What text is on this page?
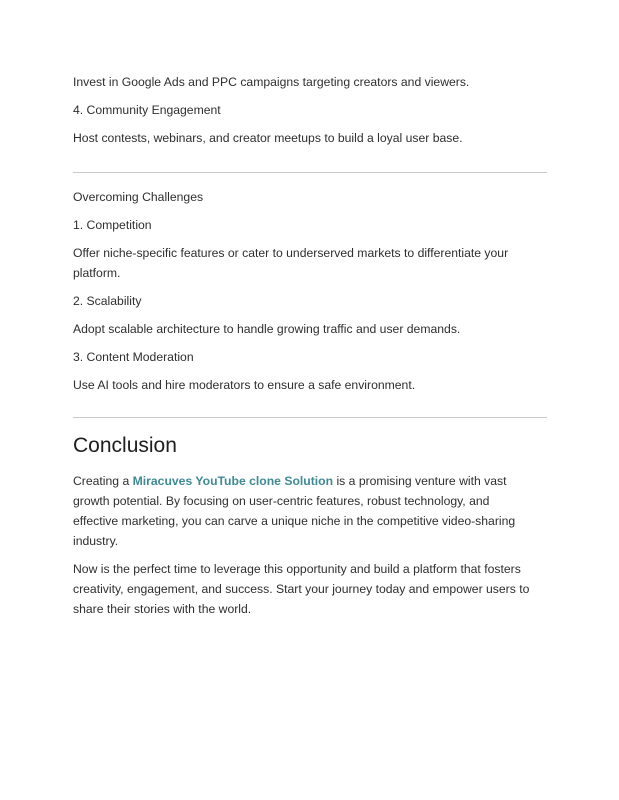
Invest in Google Ads and PPC campaigns targeting creators and viewers.

4. Community Engagement

Host contests, webinars, and creator meetups to build a loyal user base.

Overcoming Challenges

1. Competition

Offer niche-specific features or cater to underserved markets to differentiate your platform.

2. Scalability

Adopt scalable architecture to handle growing traffic and user demands.

3. Content Moderation

Use AI tools and hire moderators to ensure a safe environment.

Conclusion

Creating a Miracuves YouTube clone Solution is a promising venture with vast growth potential. By focusing on user-centric features, robust technology, and effective marketing, you can carve a unique niche in the competitive video-sharing industry.

Now is the perfect time to leverage this opportunity and build a platform that fosters creativity, engagement, and success. Start your journey today and empower users to share their stories with the world.
